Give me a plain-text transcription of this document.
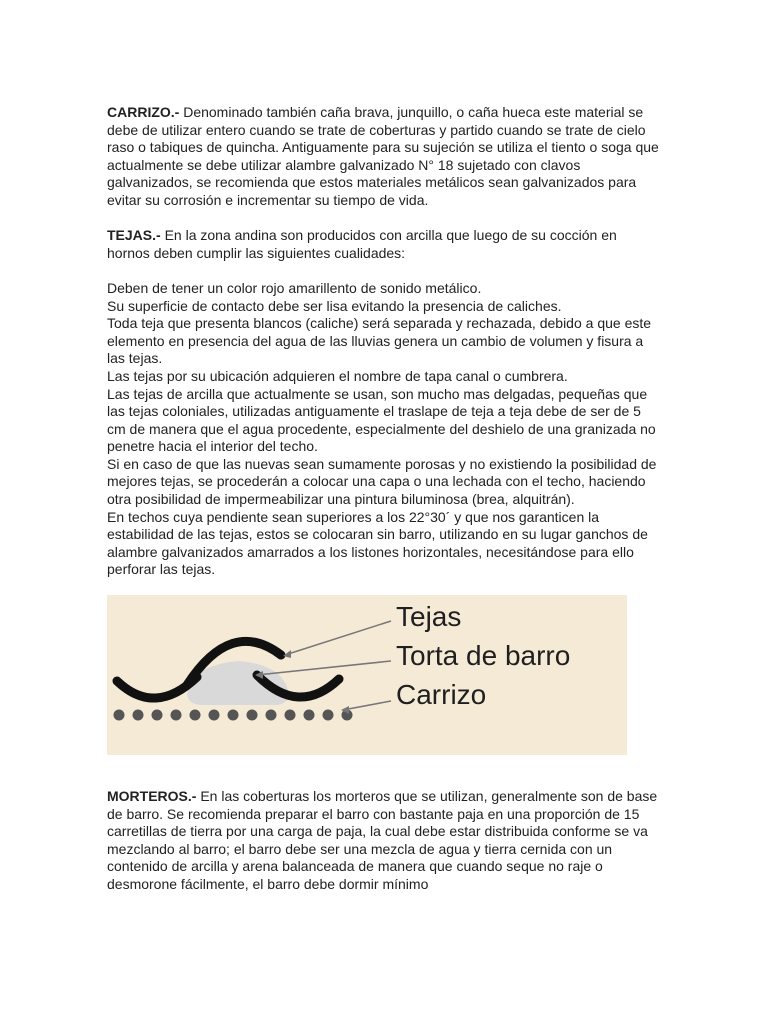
CARRIZO.- Denominado también caña brava, junquillo, o caña hueca este material se debe de utilizar entero cuando se trate de coberturas y partido cuando se trate de cielo raso o tabiques de quincha. Antiguamente para su sujeción se utiliza el tiento o soga que actualmente se debe utilizar alambre galvanizado N° 18 sujetado con clavos galvanizados, se recomienda que estos materiales metálicos sean galvanizados para evitar su corrosión e incrementar su tiempo de vida.

TEJAS.- En la zona andina son producidos con arcilla que luego de su cocción en hornos deben cumplir las siguientes cualidades:

Deben de tener un color rojo amarillento de sonido metálico.

Su superficie de contacto debe ser lisa evitando la presencia de caliches.

Toda teja que presenta blancos (caliche) será separada y rechazada, debido a que este elemento en presencia del agua de las lluvias genera un cambio de volumen y fisura a las tejas.

Las tejas por su ubicación adquieren el nombre de tapa canal o cumbrera.

Las tejas de arcilla que actualmente se usan, son mucho mas delgadas, pequeñas que las tejas coloniales, utilizadas antiguamente el traslape de teja a teja debe de ser de 5 cm de manera que el agua procedente, especialmente del deshielo de una granizada no penetre hacia el interior del techo.

Si en caso de que las nuevas sean sumamente porosas y no existiendo la posibilidad de mejores tejas, se procederán a colocar una capa o una lechada con el techo, haciendo otra posibilidad de impermeabilizar una pintura biluminosa (brea, alquitrán).

En techos cuya pendiente sean superiores a los 22°30´ y que nos garanticen la estabilidad de las tejas, estos se colocaran sin barro, utilizando en su lugar ganchos de alambre galvanizados amarrados a los listones horizontales, necesitándose para ello perforar las tejas.

Tejas
Torta de barro
Carrizo

MORTEROS.- En las coberturas los morteros que se utilizan, generalmente son de base de barro. Se recomienda preparar el barro con bastante paja en una proporción de 15 carretillas de tierra por una carga de paja, la cual debe estar distribuida conforme se va mezclando al barro; el barro debe ser una mezcla de agua y tierra cernida con un contenido de arcilla y arena balanceada de manera que cuando seque no raje o desmorone fácilmente, el barro debe dormir mínimo
